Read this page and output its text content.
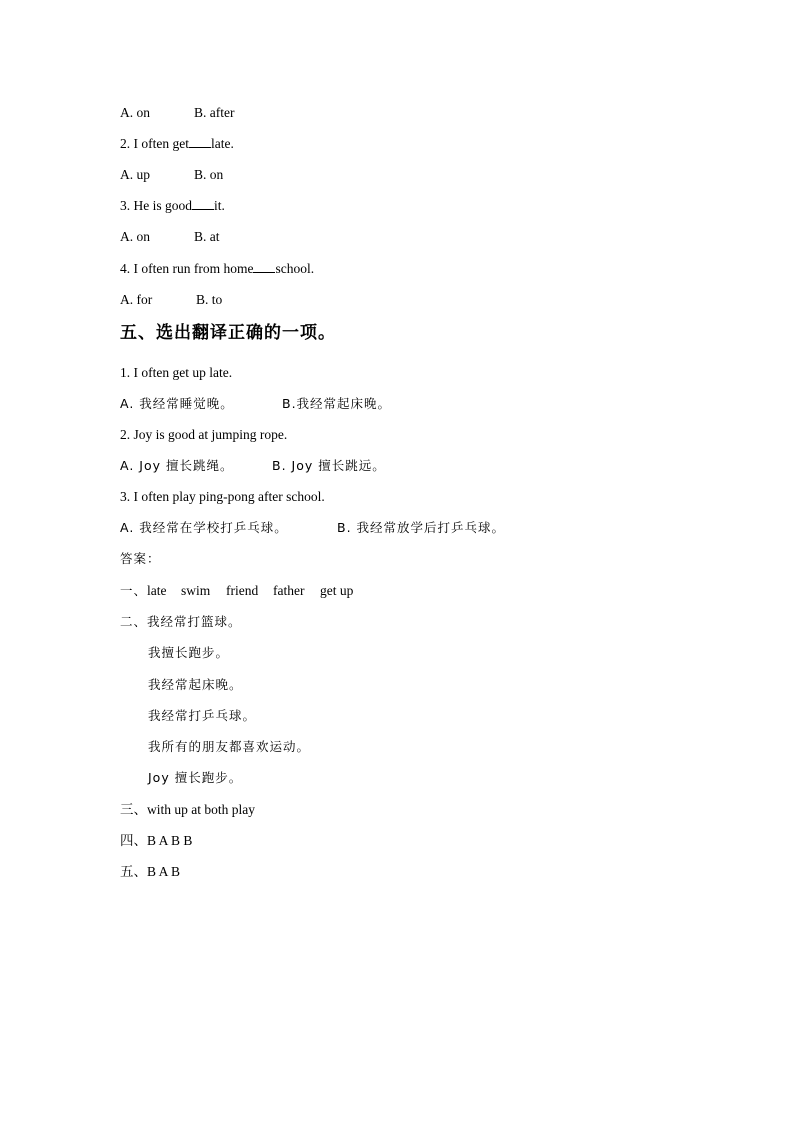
A. on	B. after
2. I often get late.
A. up	B. on
3. He is good it.
A. on	B. at
4. I often run from home school.
A. for	B. to
五、选出翻译正确的一项。
1. I often get up late.
A. 我经常睡觉晚。	B.我经常起床晚。
2. Joy is good at jumping rope.
A. Joy 擅长跳绳。	B. Joy 擅长跳远。
3. I often play ping-pong after school.
A. 我经常在学校打乒乓球。	B. 我经常放学后打乒乓球。
答案：
一、late swim friend father get up
二、我经常打篮球。
我擅长跑步。
我经常起床晚。
我经常打乒乓球。
我所有的朋友都喜欢运动。
Joy 擅长跑步。
三、with up at both play
四、B A B B
五、B A B
